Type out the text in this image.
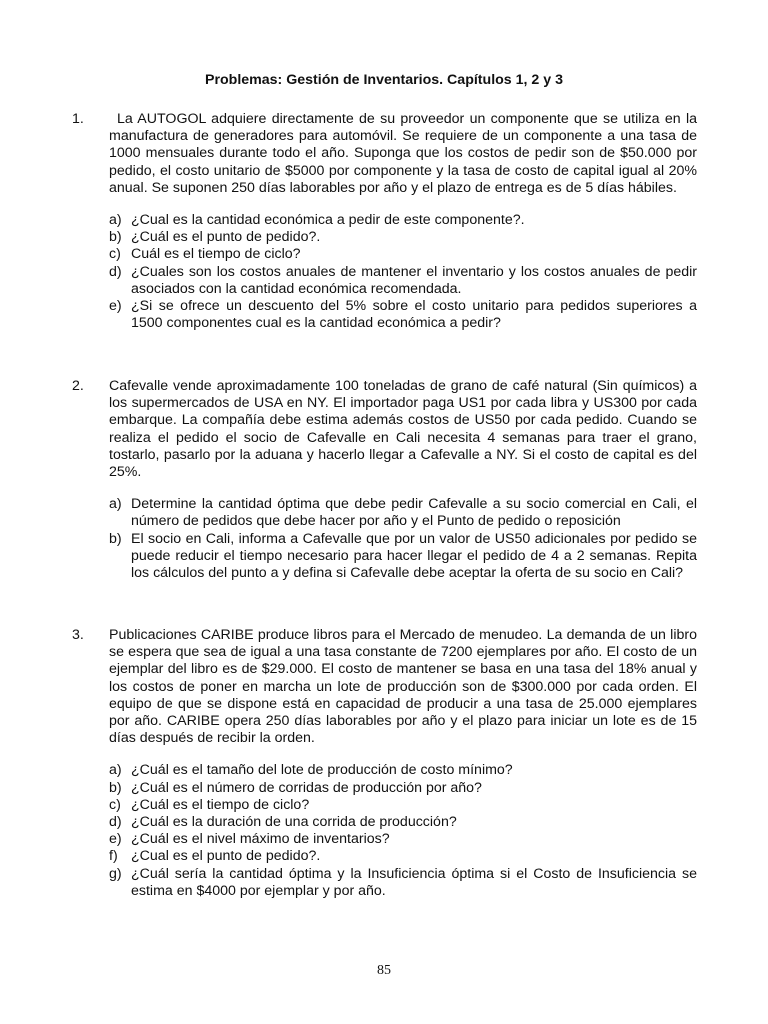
Problemas: Gestión de Inventarios. Capítulos 1, 2 y 3
1.	La AUTOGOL adquiere directamente de su proveedor un componente que se utiliza en la manufactura de generadores para automóvil. Se requiere de un componente a una tasa de 1000 mensuales durante todo el año. Suponga que los costos de pedir son de $50.000 por pedido, el costo unitario de $5000 por componente y la tasa de costo de capital igual al 20% anual. Se suponen 250 días laborables por año y el plazo de entrega es de 5 días hábiles.
a) ¿Cual es la cantidad económica a pedir de este componente?.
b) ¿Cuál es el punto de pedido?.
c) Cuál es el tiempo de ciclo?
d) ¿Cuales son los costos anuales de mantener el inventario y los costos anuales de pedir asociados con la cantidad económica recomendada.
e) ¿Si se ofrece un descuento del 5% sobre el costo unitario para pedidos superiores a 1500 componentes cual es la cantidad económica a pedir?
2. Cafevalle vende aproximadamente 100 toneladas de grano de café natural (Sin químicos) a los supermercados de USA en NY. El importador paga US1 por cada libra y US300 por cada embarque. La compañía debe estima además costos de US50 por cada pedido. Cuando se realiza el pedido el socio de Cafevalle en Cali necesita 4 semanas para traer el grano, tostarlo, pasarlo por la aduana y hacerlo llegar a Cafevalle a NY. Si el costo de capital es del 25%.
a) Determine la cantidad óptima que debe pedir Cafevalle a su socio comercial en Cali, el número de pedidos que debe hacer por año y el Punto de pedido o reposición
b) El socio en Cali, informa a Cafevalle que por un valor de US50 adicionales por pedido se puede reducir el tiempo necesario para hacer llegar el pedido de 4 a 2 semanas. Repita los cálculos del punto a y defina si Cafevalle debe aceptar la oferta de su socio en Cali?
3. Publicaciones CARIBE produce libros para el Mercado de menudeo. La demanda de un libro se espera que sea de igual a una tasa constante de 7200 ejemplares por año. El costo de un ejemplar del libro es de $29.000. El costo de mantener se basa en una tasa del 18% anual y los costos de poner en marcha un lote de producción son de $300.000 por cada orden. El equipo de que se dispone está en capacidad de producir a una tasa de 25.000 ejemplares por año. CARIBE opera 250 días laborables por año y el plazo para iniciar un lote es de 15 días después de recibir la orden.
a) ¿Cuál es el tamaño del lote de producción de costo mínimo?
b) ¿Cuál es el número de corridas de producción por año?
c) ¿Cuál es el tiempo de ciclo?
d) ¿Cuál es la duración de una corrida de producción?
e) ¿Cuál es el nivel máximo de inventarios?
f) ¿Cual es el punto de pedido?.
g) ¿Cuál sería la cantidad óptima y la Insuficiencia óptima si el Costo de Insuficiencia se estima en $4000 por ejemplar y por año.
85
